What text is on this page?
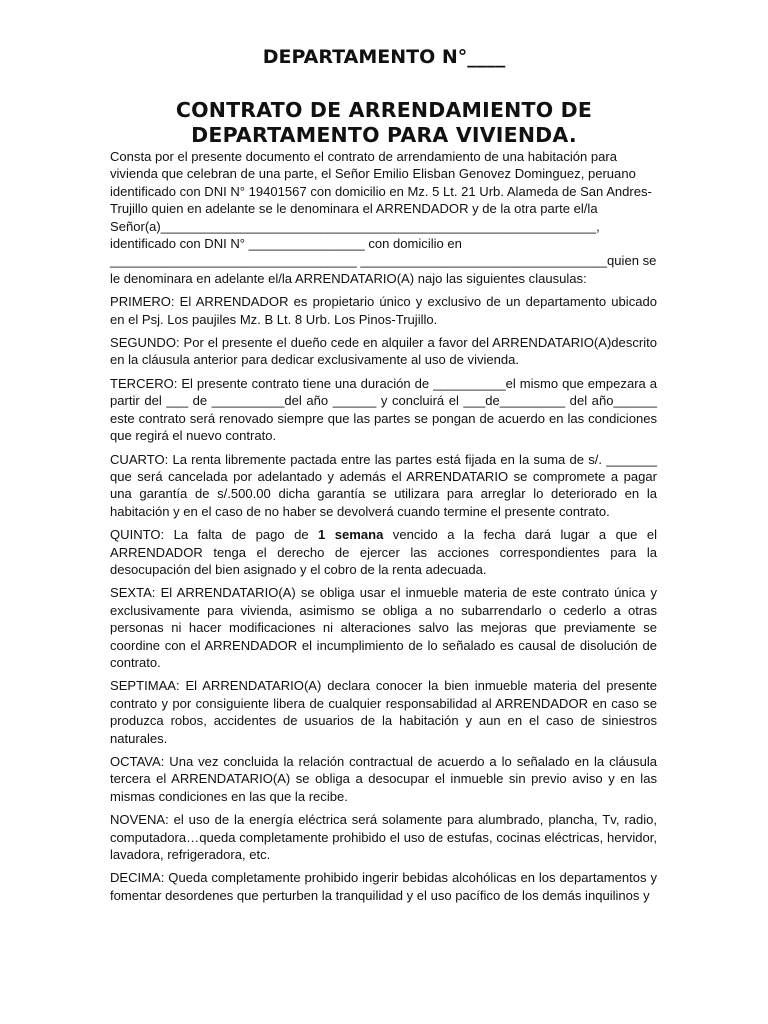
DEPARTAMENTO N°____
CONTRATO DE ARRENDAMIENTO DE
DEPARTAMENTO PARA VIVIENDA.

Consta por el presente documento el contrato de arrendamiento de una habitación para vivienda que celebran de una parte, el Señor Emilio Elisban Genovez Dominguez, peruano identificado con DNI N° 19401567 con domicilio en Mz. 5 Lt. 21 Urb. Alameda de San Andres-Trujillo quien en adelante se le denominara el ARRENDADOR y de la otra parte el/la Señor(a)____________________________________________________________, identificado con DNI N° ________________ con domicilio en __________________________________ __________________________________quien se le denominara en adelante el/la ARRENDATARIO(A) najo las siguientes clausulas:

PRIMERO: El ARRENDADOR es propietario único y exclusivo de un departamento ubicado en el Psj. Los paujiles Mz. B Lt. 8 Urb. Los Pinos-Trujillo.

SEGUNDO: Por el presente el dueño cede en alquiler a favor del ARRENDATARIO(A)descrito en la cláusula anterior para dedicar exclusivamente al uso de vivienda.

TERCERO: El presente contrato tiene una duración de __________el mismo que empezara a partir del ___ de __________del año ______ y concluirá el ___de_________ del año______ este contrato será renovado siempre que las partes se pongan de acuerdo en las condiciones que regirá el nuevo contrato.

CUARTO: La renta libremente pactada entre las partes está fijada en la suma de s/. _______ que será cancelada por adelantado y además el ARRENDATARIO se compromete a pagar una garantía de s/.500.00 dicha garantía se utilizara para arreglar lo deteriorado en la habitación y en el caso de no haber se devolverá cuando termine el presente contrato.

QUINTO: La falta de pago de 1 semana vencido a la fecha dará lugar a que el ARRENDADOR tenga el derecho de ejercer las acciones correspondientes para la desocupación del bien asignado y el cobro de la renta adecuada.

SEXTA: El ARRENDATARIO(A) se obliga usar el inmueble materia de este contrato única y exclusivamente para vivienda, asimismo se obliga a no subarrendarlo o cederlo a otras personas ni hacer modificaciones ni alteraciones salvo las mejoras que previamente se coordine con el ARRENDADOR el incumplimiento de lo señalado es causal de disolución de contrato.

SEPTIMAA: El ARRENDATARIO(A) declara conocer la bien inmueble materia del presente contrato y por consiguiente libera de cualquier responsabilidad al ARRENDADOR en caso se produzca robos, accidentes de usuarios de la habitación y aun en el caso de siniestros naturales.

OCTAVA: Una vez concluida la relación contractual de acuerdo a lo señalado en la cláusula tercera el ARRENDATARIO(A) se obliga a desocupar el inmueble sin previo aviso y en las mismas condiciones en las que la recibe.

NOVENA: el uso de la energía eléctrica será solamente para alumbrado, plancha, Tv, radio, computadora…queda completamente prohibido el uso de estufas, cocinas eléctricas, hervidor, lavadora, refrigeradora, etc.

DECIMA: Queda completamente prohibido ingerir bebidas alcohólicas en los departamentos y fomentar desordenes que perturben la tranquilidad y el uso pacífico de los demás inquilinos y
